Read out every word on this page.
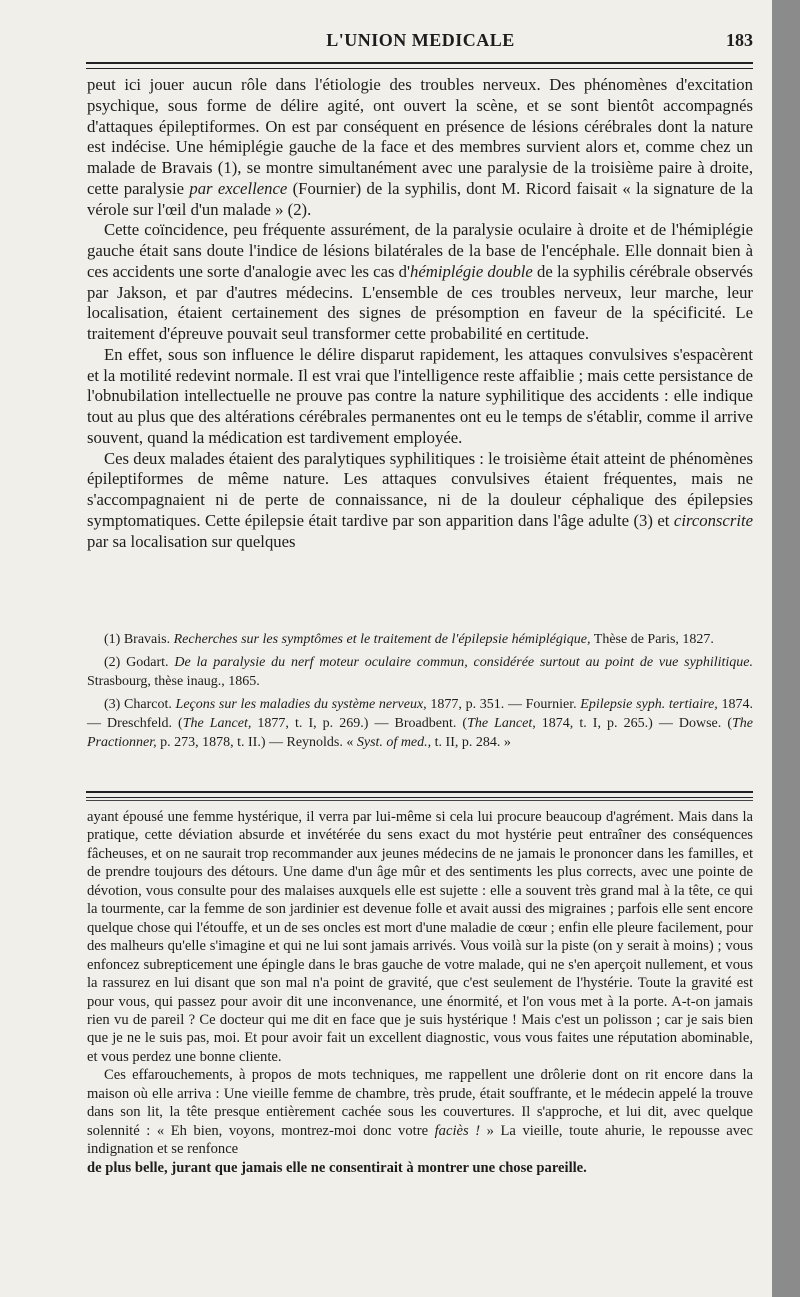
L'UNION MEDICALE	183

peut ici jouer aucun rôle dans l'étiologie des troubles nerveux. Des phénomènes d'excitation psychique, sous forme de délire agité, ont ouvert la scène, et se sont bientôt accompagnés d'attaques épileptiformes. On est par conséquent en présence de lésions cérébrales dont la nature est indécise. Une hémiplégie gauche de la face et des membres survient alors et, comme chez un malade de Bravais (1), se montre simultanément avec une paralysie de la troisième paire à droite, cette paralysie par excellence (Fournier) de la syphilis, dont M. Ricord faisait « la signature de la vérole sur l'œil d'un malade » (2).

Cette coïncidence, peu fréquente assurément, de la paralysie oculaire à droite et de l'hémiplégie gauche était sans doute l'indice de lésions bilatérales de la base de l'encéphale. Elle donnait bien à ces accidents une sorte d'analogie avec les cas d'hémiplégie double de la syphilis cérébrale observés par Jakson, et par d'autres médecins. L'ensemble de ces troubles nerveux, leur marche, leur localisation, étaient certainement des signes de présomption en faveur de la spécificité. Le traitement d'épreuve pouvait seul transformer cette probabilité en certitude.

En effet, sous son influence le délire disparut rapidement, les attaques convulsives s'espacèrent et la motilité redevint normale. Il est vrai que l'intelligence reste affaiblie ; mais cette persistance de l'obnubilation intellectuelle ne prouve pas contre la nature syphilitique des accidents : elle indique tout au plus que des altérations cérébrales permanentes ont eu le temps de s'établir, comme il arrive souvent, quand la médication est tardivement employée.

Ces deux malades étaient des paralytiques syphilitiques : le troisième était atteint de phénomènes épileptiformes de même nature. Les attaques convulsives étaient fréquentes, mais ne s'accompagnaient ni de perte de connaissance, ni de la douleur céphalique des épilepsies symptomatiques. Cette épilepsie était tardive par son apparition dans l'âge adulte (3) et circonscrite par sa localisation sur quelques

(1) Bravais. Recherches sur les symptômes et le traitement de l'épilepsie hémiplégique, Thèse de Paris, 1827.

(2) Godart. De la paralysie du nerf moteur oculaire commun, considérée surtout au point de vue syphilitique. Strasbourg, thèse inaug., 1865.

(3) Charcot. Leçons sur les maladies du système nerveux, 1877, p. 351. — Fournier. Epilepsie syph. tertiaire, 1874. — Dreschfeld. (The Lancet, 1877, t. I, p. 269.) — Broadbent. (The Lancet, 1874, t. I, p. 265.) — Dowse. (The Practionner, p. 273, 1878, t. II.) — Reynolds. « Syst. of med., t. II, p. 284. »

ayant épousé une femme hystérique, il verra par lui-même si cela lui procure beaucoup d'agrément. Mais dans la pratique, cette déviation absurde et invétérée du sens exact du mot hystérie peut entraîner des conséquences fâcheuses, et on ne saurait trop recommander aux jeunes médecins de ne jamais le prononcer dans les familles, et de prendre toujours des détours. Une dame d'un âge mûr et des sentiments les plus corrects, avec une pointe de dévotion, vous consulte pour des malaises auxquels elle est sujette : elle a souvent très grand mal à la tête, ce qui la tourmente, car la femme de son jardinier est devenue folle et avait aussi des migraines ; parfois elle sent encore quelque chose qui l'étouffe, et un de ses oncles est mort d'une maladie de cœur ; enfin elle pleure facilement, pour des malheurs qu'elle s'imagine et qui ne lui sont jamais arrivés. Vous voilà sur la piste (on y serait à moins) ; vous enfoncez subrepticement une épingle dans le bras gauche de votre malade, qui ne s'en aperçoit nullement, et vous la rassurez en lui disant que son mal n'a point de gravité, que c'est seulement de l'hystérie. Toute la gravité est pour vous, qui passez pour avoir dit une inconvenance, une énormité, et l'on vous met à la porte. A-t-on jamais rien vu de pareil ? Ce docteur qui me dit en face que je suis hystérique ! Mais c'est un polisson ; car je sais bien que je ne le suis pas, moi. Et pour avoir fait un excellent diagnostic, vous vous faites une réputation abominable, et vous perdez une bonne cliente.

Ces effarouchements, à propos de mots techniques, me rappellent une drôlerie dont on rit encore dans la maison où elle arriva : Une vieille femme de chambre, très prude, était souffrante, et le médecin appelé la trouve dans son lit, la tête presque entièrement cachée sous les couvertures. Il s'approche, et lui dit, avec quelque solennité : « Eh bien, voyons, montrez-moi donc votre faciès ! » La vieille, toute ahurie, le repousse avec indignation et se renfonce

de plus belle, jurant que jamais elle ne consentirait à montrer une chose pareille.
